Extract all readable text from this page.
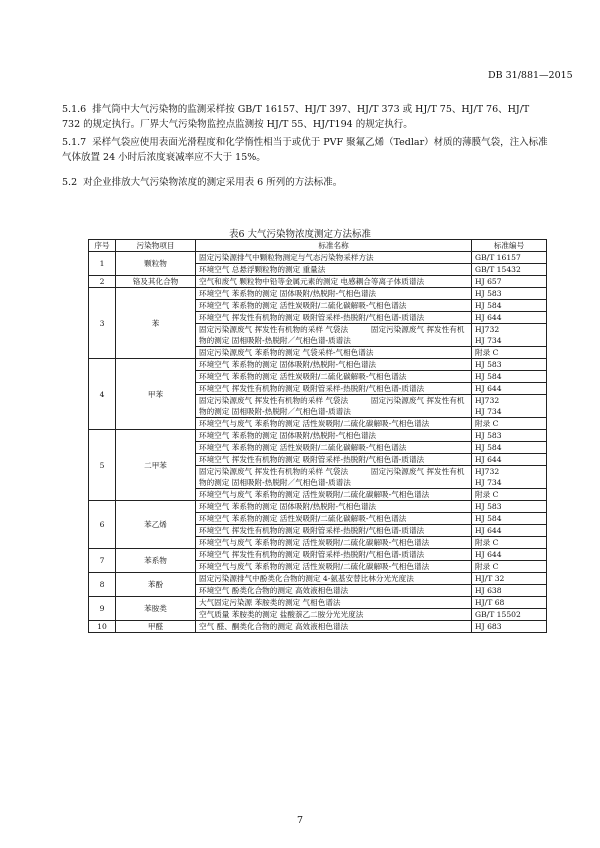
DB 31/881—2015
5.1.6 排气筒中大气污染物的监测采样按 GB/T 16157、HJ/T 397、HJ/T 373 或 HJ/T 75、HJ/T 76、HJ/T 732 的规定执行。厂界大气污染物监控点监测按 HJ/T 55、HJ/T194 的规定执行。
5.1.7 采样气袋应使用表面光滑程度和化学惰性相当于或优于 PVF 聚氟乙烯（Tedlar）材质的薄膜气袋，注入标准气体放置 24 小时后浓度衰减率应不大于 15%。
5.2 对企业排放大气污染物浓度的测定采用表 6 所列的方法标准。
表6 大气污染物浓度测定方法标准
序号	污染物项目	标准名称	标准编号
1	颗粒物	固定污染源排气中颗粒物测定与气态污染物采样方法	GB/T 16157
		环境空气 总悬浮颗粒物的测定 重量法	GB/T 15432
2	铬及其化合物	空气和废气 颗粒物中铅等金属元素的测定 电感耦合等离子体质谱法	HJ 657
3	苯	环境空气 苯系物的测定 固体吸附/热脱附-气相色谱法	HJ 583
		环境空气 苯系物的测定 活性炭吸附/二硫化碳解吸-气相色谱法	HJ 584
		环境空气 挥发性有机物的测定 吸附管采样-热脱附/气相色谱-质谱法	HJ 644
		固定污染源废气 挥发性有机物的采样 气袋法　　　固定污染源废气 挥发性有机物的测定 固相吸附-热脱附／气相色谱-质谱法	HJ732
HJ 734
		固定污染源废气 苯系物的测定 气袋采样-气相色谱法	附录 C
4	甲苯	环境空气 苯系物的测定 固体吸附/热脱附-气相色谱法	HJ 583
		环境空气 苯系物的测定 活性炭吸附/二硫化碳解吸-气相色谱法	HJ 584
		环境空气 挥发性有机物的测定 吸附管采样-热脱附/气相色谱-质谱法	HJ 644
		固定污染源废气 挥发性有机物的采样 气袋法　　　固定污染源废气 挥发性有机物的测定 固相吸附-热脱附／气相色谱-质谱法	HJ732
HJ 734
		环境空气与废气 苯系物的测定 活性炭吸附/二硫化碳解吸-气相色谱法	附录 C
5	二甲苯	环境空气 苯系物的测定 固体吸附/热脱附-气相色谱法	HJ 583
		环境空气 苯系物的测定 活性炭吸附/二硫化碳解吸-气相色谱法	HJ 584
		环境空气 挥发性有机物的测定 吸附管采样-热脱附/气相色谱-质谱法	HJ 644
		固定污染源废气 挥发性有机物的采样 气袋法　　　固定污染源废气 挥发性有机物的测定 固相吸附-热脱附／气相色谱-质谱法	HJ732
HJ 734
		环境空气与废气 苯系物的测定 活性炭吸附/二硫化碳解吸-气相色谱法	附录 C
6	苯乙烯	环境空气 苯系物的测定 固体吸附/热脱附-气相色谱法	HJ 583
		环境空气 苯系物的测定 活性炭吸附/二硫化碳解吸-气相色谱法	HJ 584
		环境空气 挥发性有机物的测定 吸附管采样-热脱附/气相色谱-质谱法	HJ 644
		环境空气与废气 苯系物的测定 活性炭吸附/二硫化碳解吸-气相色谱法	附录 C
7	苯系物	环境空气 挥发性有机物的测定 吸附管采样-热脱附/气相色谱-质谱法	HJ 644
		环境空气与废气 苯系物的测定 活性炭吸附/二硫化碳解吸-气相色谱法	附录 C
8	苯酚	固定污染源排气中酚类化合物的测定 4-氨基安替比林分光光度法	HJ/T 32
		环境空气 酚类化合物的测定 高效液相色谱法	HJ 638
9	苯胺类	大气固定污染源 苯胺类的测定 气相色谱法	HJ/T 68
		空气质量 苯胺类的测定 盐酸萘乙二胺分光光度法	GB/T 15502
10	甲醛	空气 醛、酮类化合物的测定 高效液相色谱法	HJ 683
7
